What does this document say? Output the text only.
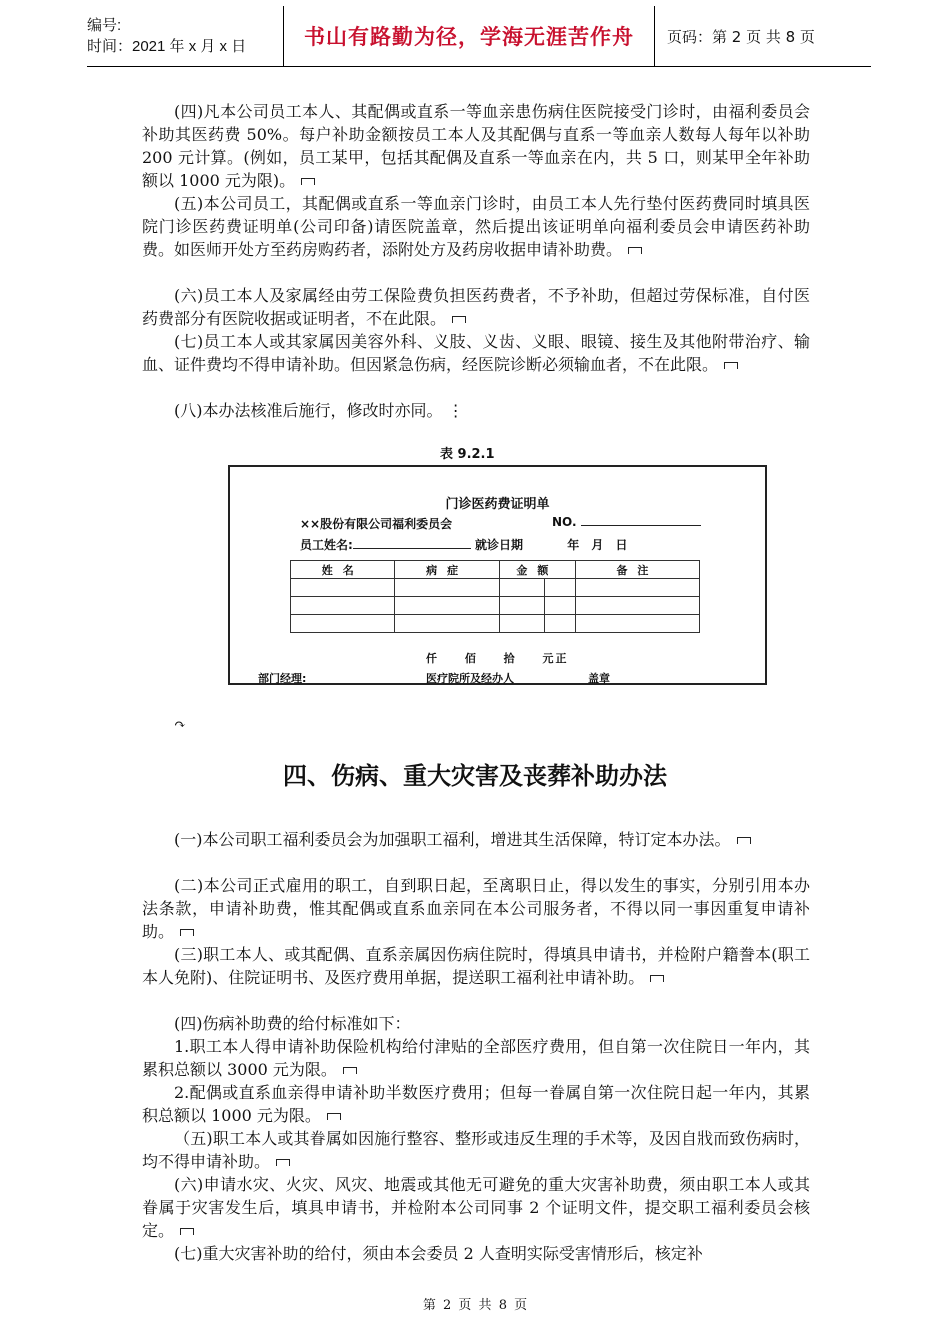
编号:
时间：2021 年 x 月 x 日	书山有路勤为径，学海无涯苦作舟	页码：第 2 页 共 8 页

(四)凡本公司员工本人、其配偶或直系一等血亲患伤病住医院接受门诊时，由福利委员会补助其医药费 50%。每户补助金额按员工本人及其配偶与直系一等血亲人数每人每年以补助 200 元计算。(例如，员工某甲，包括其配偶及直系一等血亲在内，共 5 口，则某甲全年补助额以 1000 元为限)。

(五)本公司员工，其配偶或直系一等血亲门诊时，由员工本人先行垫付医药费同时填具医院门诊医药费证明单(公司印备)请医院盖章，然后提出该证明单向福利委员会申请医药补助费。如医师开处方至药房购药者，添附处方及药房收据申请补助费。

(六)员工本人及家属经由劳工保险费负担医药费者，不予补助，但超过劳保标准，自付医药费部分有医院收据或证明者，不在此限。

(七)员工本人或其家属因美容外科、义肢、义齿、义眼、眼镜、接生及其他附带治疗、输血、证件费均不得申请补助。但因紧急伤病，经医院诊断必须输血者，不在此限。

(八)本办法核准后施行，修改时亦同。 ⋮

表 9.2.1
门诊医药费证明单
××股份有限公司福利委员会	NO.
员工姓名:	就诊日期	年 月 日
姓名	病症	金额		备注

仟 佰 拾 元正
部门经理:	医疗院所及经办人	盖章
↷
四、伤病、重大灾害及丧葬补助办法

(一)本公司职工福利委员会为加强职工福利，增进其生活保障，特订定本办法。

(二)本公司正式雇用的职工，自到职日起，至离职日止，得以发生的事实，分别引用本办法条款，申请补助费，惟其配偶或直系血亲同在本公司服务者，不得以同一事因重复申请补助。

(三)职工本人、或其配偶、直系亲属因伤病住院时，得填具申请书，并检附户籍誊本(职工本人免附)、住院证明书、及医疗费用单据，提送职工福利社申请补助。

(四)伤病补助费的给付标准如下：

1.职工本人得申请补助保险机构给付津贴的全部医疗费用，但自第一次住院日一年内，其累积总额以 3000 元为限。

2.配偶或直系血亲得申请补助半数医疗费用；但每一眷属自第一次住院日起一年内，其累积总额以 1000 元为限。

（五)职工本人或其眷属如因施行整容、整形或违反生理的手术等，及因自戕而致伤病时，均不得申请补助。

(六)申请水灾、火灾、风灾、地震或其他无可避免的重大灾害补助费，须由职工本人或其眷属于灾害发生后，填具申请书，并检附本公司同事 2 个证明文件，提交职工福利委员会核定。

(七)重大灾害补助的给付，须由本会委员 2 人查明实际受害情形后，核定补

第 2 页 共 8 页
